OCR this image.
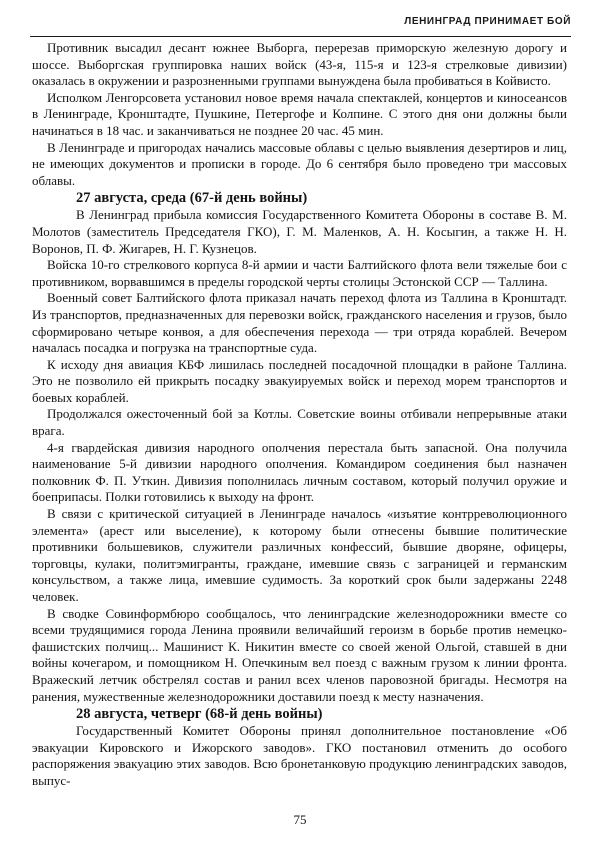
ЛЕНИНГРАД ПРИНИМАЕТ БОЙ

Противник высадил десант южнее Выборга, перерезав приморскую железную дорогу и шоссе. Выборгская группировка наших войск (43-я, 115-я и 123-я стрелковые дивизии) оказалась в окружении и разрозненными группами вынуждена была пробиваться в Койвисто.

Исполком Ленгорсовета установил новое время начала спектаклей, концертов и киносеансов в Ленинграде, Кронштадте, Пушкине, Петергофе и Колпине. С этого дня они должны были начинаться в 18 час. и заканчиваться не позднее 20 час. 45 мин.

В Ленинграде и пригородах начались массовые облавы с целью выявления дезертиров и лиц, не имеющих документов и прописки в городе. До 6 сентября было проведено три массовых облавы.

27 августа, среда (67-й день войны)

В Ленинград прибыла комиссия Государственного Комитета Обороны в составе В. М. Молотов (заместитель Председателя ГКО), Г. М. Маленков, А. Н. Косыгин, а также Н. Н. Воронов, П. Ф. Жигарев, Н. Г. Кузнецов.

Войска 10-го стрелкового корпуса 8-й армии и части Балтийского флота вели тяжелые бои с противником, ворвавшимся в пределы городской черты столицы Эстонской ССР — Таллина.

Военный совет Балтийского флота приказал начать переход флота из Таллина в Кронштадт. Из транспортов, предназначенных для перевозки войск, гражданского населения и грузов, было сформировано четыре конвоя, а для обеспечения перехода — три отряда кораблей. Вечером началась посадка и погрузка на транспортные суда.

К исходу дня авиация КБФ лишилась последней посадочной площадки в районе Таллина. Это не позволило ей прикрыть посадку эвакуируемых войск и переход морем транспортов и боевых кораблей.

Продолжался ожесточенный бой за Котлы. Советские воины отбивали непрерывные атаки врага.

4-я гвардейская дивизия народного ополчения перестала быть запасной. Она получила наименование 5-й дивизии народного ополчения. Командиром соединения был назначен полковник Ф. П. Уткин. Дивизия пополнилась личным составом, который получил оружие и боеприпасы. Полки готовились к выходу на фронт.

В связи с критической ситуацией в Ленинграде началось «изъятие контрреволюционного элемента» (арест или выселение), к которому были отнесены бывшие политические противники большевиков, служители различных конфессий, бывшие дворяне, офицеры, торговцы, кулаки, политэмигранты, граждане, имевшие связь с заграницей и германским консульством, а также лица, имевшие судимость. За короткий срок были задержаны 2248 человек.

В сводке Совинформбюро сообщалось, что ленинградские железнодорожники вместе со всеми трудящимися города Ленина проявили величайший героизм в борьбе против немецко-фашистских полчищ... Машинист К. Никитин вместе со своей женой Ольгой, ставшей в дни войны кочегаром, и помощником Н. Опечкиным вел поезд с важным грузом к линии фронта. Вражеский летчик обстрелял состав и ранил всех членов паровозной бригады. Несмотря на ранения, мужественные железнодорожники доставили поезд к месту назначения.

28 августа, четверг (68-й день войны)

Государственный Комитет Обороны принял дополнительное постановление «Об эвакуации Кировского и Ижорского заводов». ГКО постановил отменить до особого распоряжения эвакуацию этих заводов. Всю бронетанковую продукцию ленинградских заводов, выпус-

75
